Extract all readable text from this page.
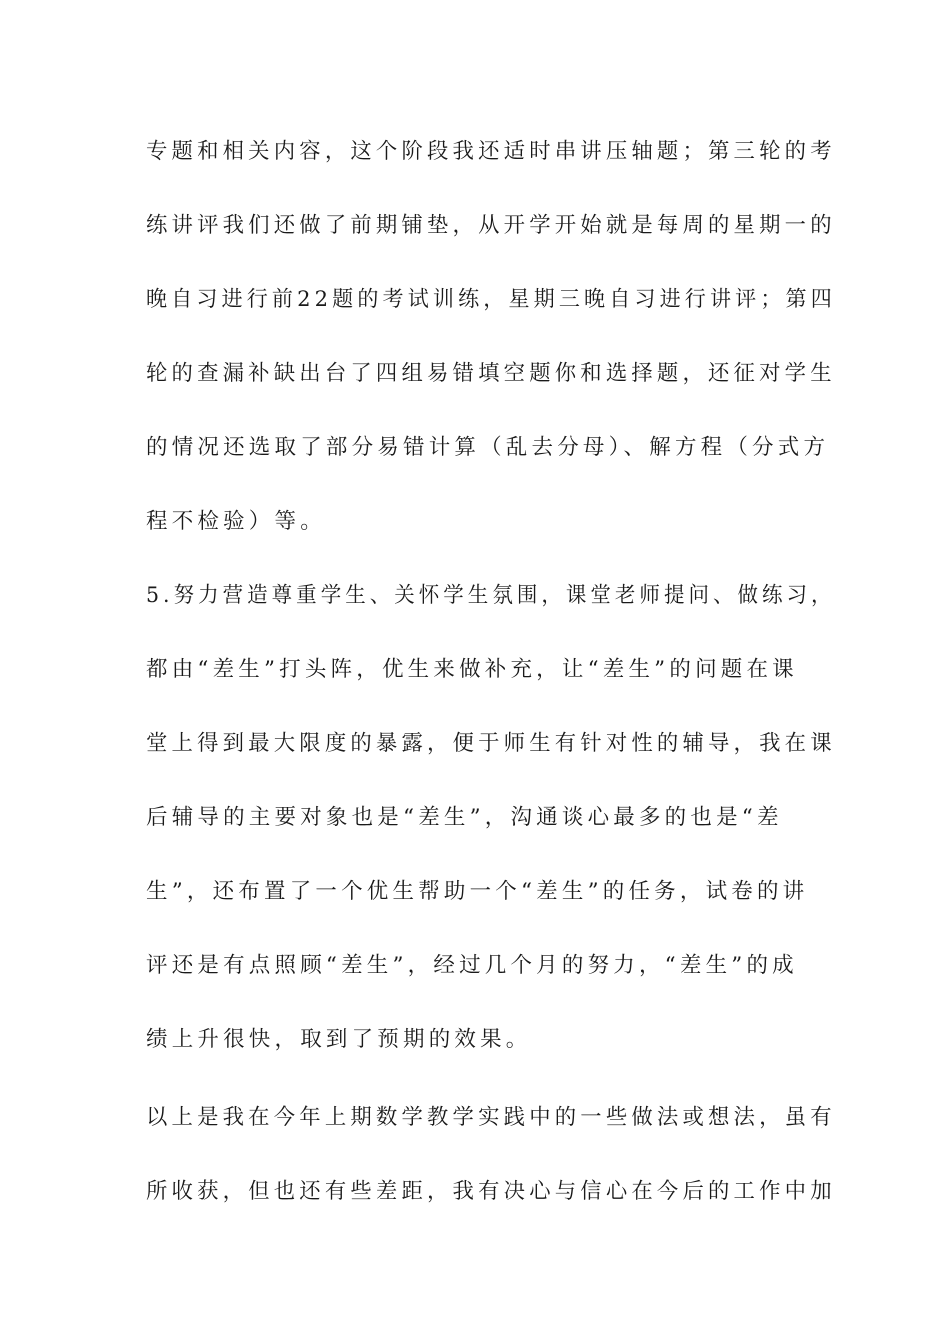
专题和相关内容，这个阶段我还适时串讲压轴题；第三轮的考
练讲评我们还做了前期铺垫，从开学开始就是每周的星期一的
晚自习进行前22题的考试训练，星期三晚自习进行讲评；第四
轮的查漏补缺出台了四组易错填空题你和选择题，还征对学生
的情况还选取了部分易错计算（乱去分母）、解方程（分式方
程不检验）等。
5.努力营造尊重学生、关怀学生氛围，课堂老师提问、做练习，
都由“差生”打头阵，优生来做补充，让“差生”的问题在课
堂上得到最大限度的暴露，便于师生有针对性的辅导，我在课
后辅导的主要对象也是“差生”，沟通谈心最多的也是“差
生”，还布置了一个优生帮助一个“差生”的任务，试卷的讲
评还是有点照顾“差生”，经过几个月的努力，“差生”的成
绩上升很快，取到了预期的效果。
以上是我在今年上期数学教学实践中的一些做法或想法，虽有
所收获，但也还有些差距，我有决心与信心在今后的工作中加
